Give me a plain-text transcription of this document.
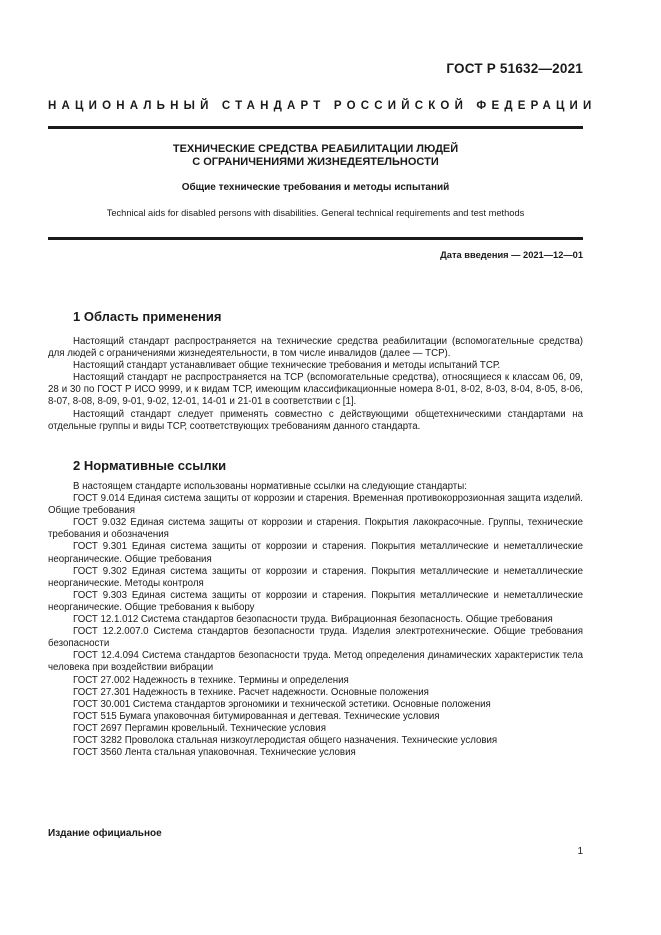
ГОСТ Р 51632—2021
НАЦИОНАЛЬНЫЙ СТАНДАРТ РОССИЙСКОЙ ФЕДЕРАЦИИ
ТЕХНИЧЕСКИЕ СРЕДСТВА РЕАБИЛИТАЦИИ ЛЮДЕЙ
С ОГРАНИЧЕНИЯМИ ЖИЗНЕДЕЯТЕЛЬНОСТИ
Общие технические требования и методы испытаний
Technical aids for disabled persons with disabilities. General technical requirements and test methods
Дата введения — 2021—12—01
1 Область применения

Настоящий стандарт распространяется на технические средства реабилитации (вспомогательные средства) для людей с ограничениями жизнедеятельности, в том числе инвалидов (далее — ТСР).

Настоящий стандарт устанавливает общие технические требования и методы испытаний ТСР.

Настоящий стандарт не распространяется на ТСР (вспомогательные средства), относящиеся к классам 06, 09, 28 и 30 по ГОСТ Р ИСО 9999, и к видам ТСР, имеющим классификационные номера 8-01, 8-02, 8-03, 8-04, 8-05, 8-06, 8-07, 8-08, 8-09, 9-01, 9-02, 12-01, 14-01 и 21-01 в соответствии с [1].

Настоящий стандарт следует применять совместно с действующими общетехническими стандартами на отдельные группы и виды ТСР, соответствующих требованиям данного стандарта.

2 Нормативные ссылки

В настоящем стандарте использованы нормативные ссылки на следующие стандарты:

ГОСТ 9.014 Единая система защиты от коррозии и старения. Временная противокоррозионная защита изделий. Общие требования

ГОСТ 9.032 Единая система защиты от коррозии и старения. Покрытия лакокрасочные. Группы, технические требования и обозначения

ГОСТ 9.301 Единая система защиты от коррозии и старения. Покрытия металлические и неметаллические неорганические. Общие требования

ГОСТ 9.302 Единая система защиты от коррозии и старения. Покрытия металлические и неметаллические неорганические. Методы контроля

ГОСТ 9.303 Единая система защиты от коррозии и старения. Покрытия металлические и неметаллические неорганические. Общие требования к выбору

ГОСТ 12.1.012 Система стандартов безопасности труда. Вибрационная безопасность. Общие требования

ГОСТ 12.2.007.0 Система стандартов безопасности труда. Изделия электротехнические. Общие требования безопасности

ГОСТ 12.4.094 Система стандартов безопасности труда. Метод определения динамических характеристик тела человека при воздействии вибрации

ГОСТ 27.002 Надежность в технике. Термины и определения

ГОСТ 27.301 Надежность в технике. Расчет надежности. Основные положения

ГОСТ 30.001 Система стандартов эргономики и технической эстетики. Основные положения

ГОСТ 515 Бумага упаковочная битумированная и дегтевая. Технические условия

ГОСТ 2697 Пергамин кровельный. Технические условия

ГОСТ 3282 Проволока стальная низкоуглеродистая общего назначения. Технические условия

ГОСТ 3560 Лента стальная упаковочная. Технические условия

Издание официальное
1
